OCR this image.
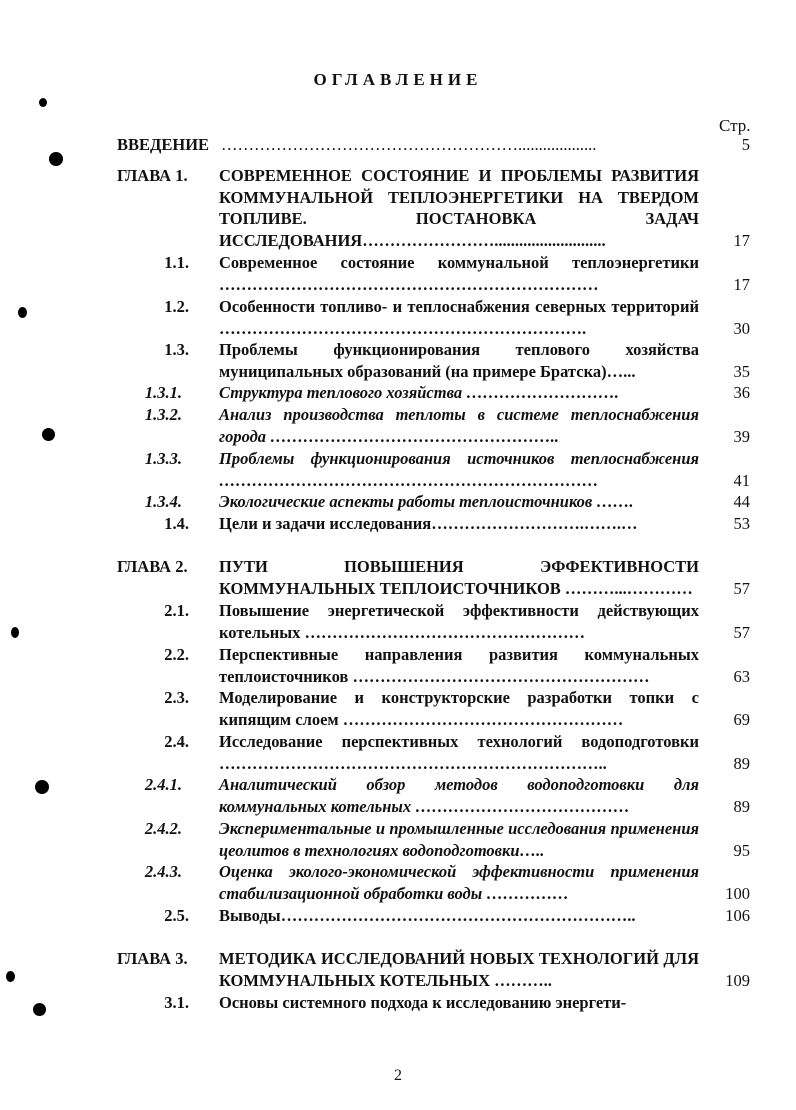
ОГЛАВЛЕНИЕ
Стр.
ВВЕДЕНИЕ ………………………………………………...................	5
ГЛАВА 1. СОВРЕМЕННОЕ СОСТОЯНИЕ И ПРОБЛЕМЫ РАЗВИТИЯ КОММУНАЛЬНОЙ ТЕПЛОЭНЕРГЕТИКИ НА ТВЕРДОМ ТОПЛИВЕ. ПОСТАНОВКА ЗАДАЧ ИССЛЕДОВАНИЯ……………………...........................	17
1.1. Современное состояние коммунальной теплоэнергетики ……………………………………………………………	17
1.2. Особенности топливо- и теплоснабжения северных территорий ………………………………………………………….	30
1.3. Проблемы функционирования теплового хозяйства муниципальных образований (на примере Братска)…...	35
1.3.1. Структура теплового хозяйства ……………………….	36
1.3.2. Анализ производства теплоты в системе теплоснабжения города ……………………………………………..	39
1.3.3. Проблемы функционирования источников теплоснабжения ……………………………………………………………	41
1.3.4. Экологические аспекты работы теплоисточников …….	44
1.4. Цели и задачи исследования……………………….…….…	53
ГЛАВА 2. ПУТИ ПОВЫШЕНИЯ ЭФФЕКТИВНОСТИ КОММУНАЛЬНЫХ ТЕПЛОИСТОЧНИКОВ ………...…………	57
2.1. Повышение энергетической эффективности действующих котельных ……………………………………………	57
2.2. Перспективные направления развития коммунальных теплоисточников ………………………………………………	63
2.3. Моделирование и конструкторские разработки топки с кипящим слоем ……………………………………………	69
2.4. Исследование перспективных технологий водоподготовки ……………………………………………………………..	89
2.4.1. Аналитический обзор методов водоподготовки для коммунальных котельных …………………………………	89
2.4.2. Экспериментальные и промышленные исследования применения цеолитов в технологиях водоподготовки…..	95
2.4.3. Оценка эколого-экономической эффективности применения стабилизационной обработки воды ……………	100
2.5. Выводы………………………………………………………..	106
ГЛАВА 3. МЕТОДИКА ИССЛЕДОВАНИЙ НОВЫХ ТЕХНОЛОГИЙ ДЛЯ КОММУНАЛЬНЫХ КОТЕЛЬНЫХ ………..	109
3.1. Основы системного подхода к исследованию энергети-
2
